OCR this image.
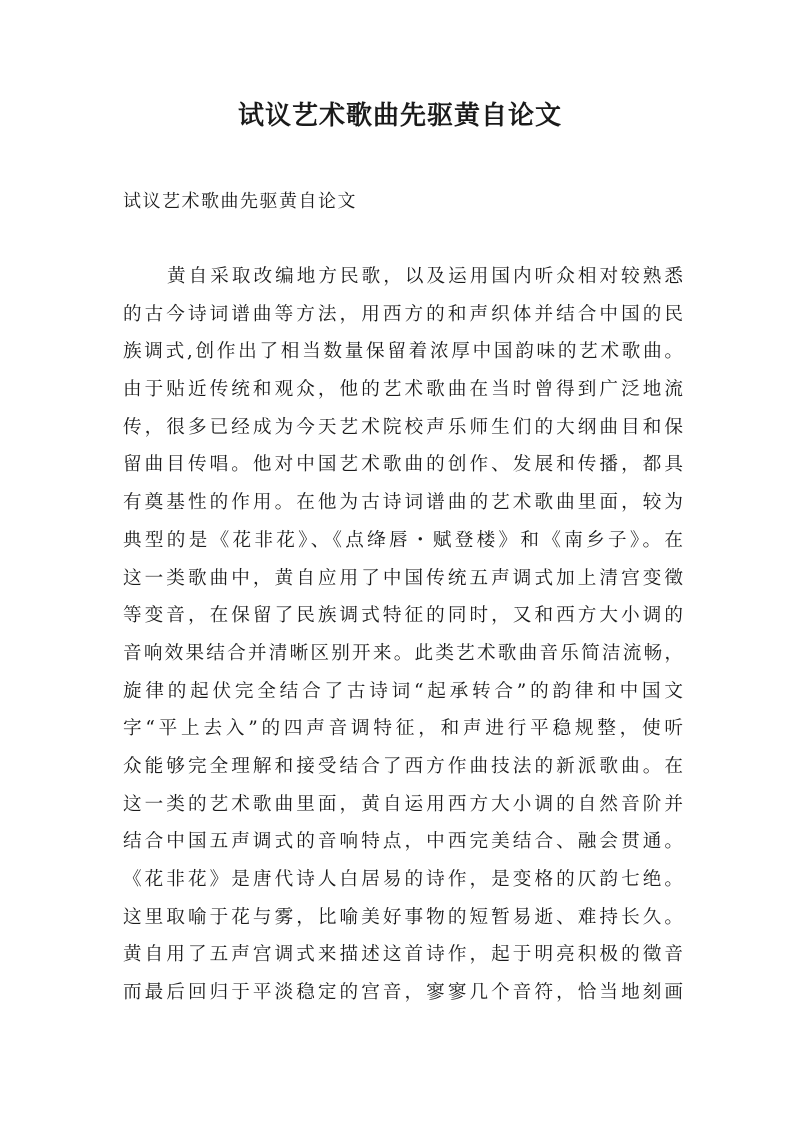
试议艺术歌曲先驱黄自论文

试议艺术歌曲先驱黄自论文

黄自采取改编地方民歌，以及运用国内听众相对较熟悉
的古今诗词谱曲等方法，用西方的和声织体并结合中国的民
族调式,创作出了相当数量保留着浓厚中国韵味的艺术歌曲。
由于贴近传统和观众，他的艺术歌曲在当时曾得到广泛地流
传，很多已经成为今天艺术院校声乐师生们的大纲曲目和保
留曲目传唱。他对中国艺术歌曲的创作、发展和传播，都具
有奠基性的作用。在他为古诗词谱曲的艺术歌曲里面，较为
典型的是《花非花》、《点绛唇・赋登楼》和《南乡子》。在
这一类歌曲中，黄自应用了中国传统五声调式加上清宫变徵
等变音，在保留了民族调式特征的同时，又和西方大小调的
音响效果结合并清晰区别开来。此类艺术歌曲音乐简洁流畅，
旋律的起伏完全结合了古诗词“起承转合”的韵律和中国文
字“平上去入”的四声音调特征，和声进行平稳规整，使听
众能够完全理解和接受结合了西方作曲技法的新派歌曲。在
这一类的艺术歌曲里面，黄自运用西方大小调的自然音阶并
结合中国五声调式的音响特点，中西完美结合、融会贯通。
《花非花》是唐代诗人白居易的诗作，是变格的仄韵七绝。
这里取喻于花与雾，比喻美好事物的短暂易逝、难持长久。
黄自用了五声宫调式来描述这首诗作，起于明亮积极的徵音
而最后回归于平淡稳定的宫音，寥寥几个音符，恰当地刻画
